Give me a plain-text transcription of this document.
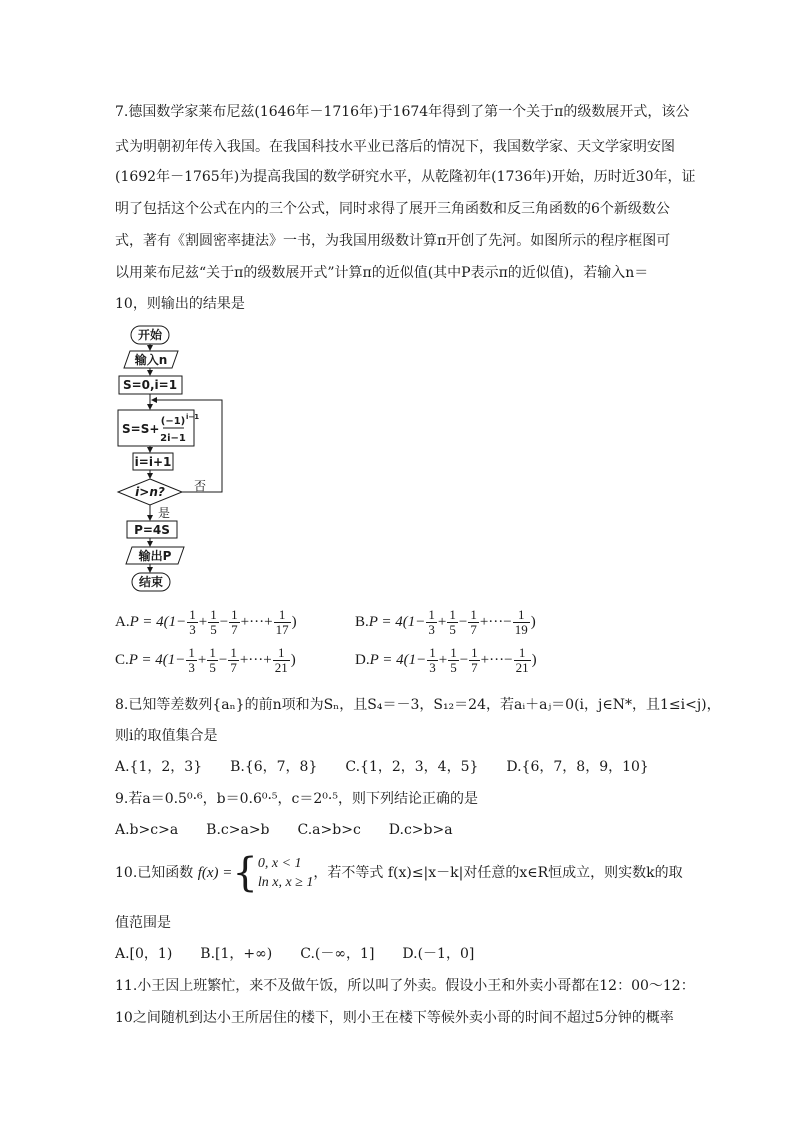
7.德国数学家莱布尼兹(1646年－1716年)于1674年得到了第一个关于π的级数展开式，该公
式为明朝初年传入我国。在我国科技水平业已落后的情况下，我国数学家、天文学家明安图
(1692年－1765年)为提高我国的数学研究水平，从乾隆初年(1736年)开始，历时近30年，证
明了包括这个公式在内的三个公式，同时求得了展开三角函数和反三角函数的6个新级数公
式，著有《割圆密率捷法》一书，为我国用级数计算π开创了先河。如图所示的程序框图可
以用莱布尼兹“关于π的级数展开式”计算π的近似值(其中P表示π的近似值)，若输入n＝
10，则输出的结果是
开始
输入n
S=0,i=1
S=S+
(−1) i−1
2i−1
i=i+1
i>n? 否
是
P=4S
输出P
结束
$A.P = 4(1- \frac{1}{3} + \frac{1}{5} - \frac{1}{7}$ +···+ $\frac{1}{17}$ )	$B.P = 4(1- \frac{1}{3} + \frac{1}{5} - \frac{1}{7}$ +···− $\frac{1}{19}$ )
$C.P = 4(1- \frac{1}{3} + \frac{1}{5} - \frac{1}{7}$ +···+ $\frac{1}{21}$ )	$D.P = 4(1- \frac{1}{3} + \frac{1}{5} - \frac{1}{7}$ +···− $\frac{1}{21}$ )
8.已知等差数列{aₙ}的前n项和为Sₙ，且S₄＝－3，S₁₂＝24，若aᵢ＋aⱼ＝0(i，j∈N*，且1≤i<j)，
则i的取值集合是
A.{1，2，3}　　B.{6，7，8}　　C.{1，2，3，4，5}　　D.{6，7，8，9，10}
9.若a＝0.5⁰·⁶，b＝0.6⁰·⁵，c＝2⁰·⁵，则下列结论正确的是
A.b>c>a　　B.c>a>b　　C.a>b>c　　D.c>b>a
10.已知函数 f(x) ={ 0, x < 1
ln x, x ≥ 1
，若不等式 f(x)≤|x－k|对任意的x∈R恒成立，则实数k的取
值范围是
A.[0，1)　　B.[1，+∞)　　C.(－∞，1]　　D.(－1，0]
11.小王因上班繁忙，来不及做午饭，所以叫了外卖。假设小王和外卖小哥都在12：00～12：
10之间随机到达小王所居住的楼下，则小王在楼下等候外卖小哥的时间不超过5分钟的概率
